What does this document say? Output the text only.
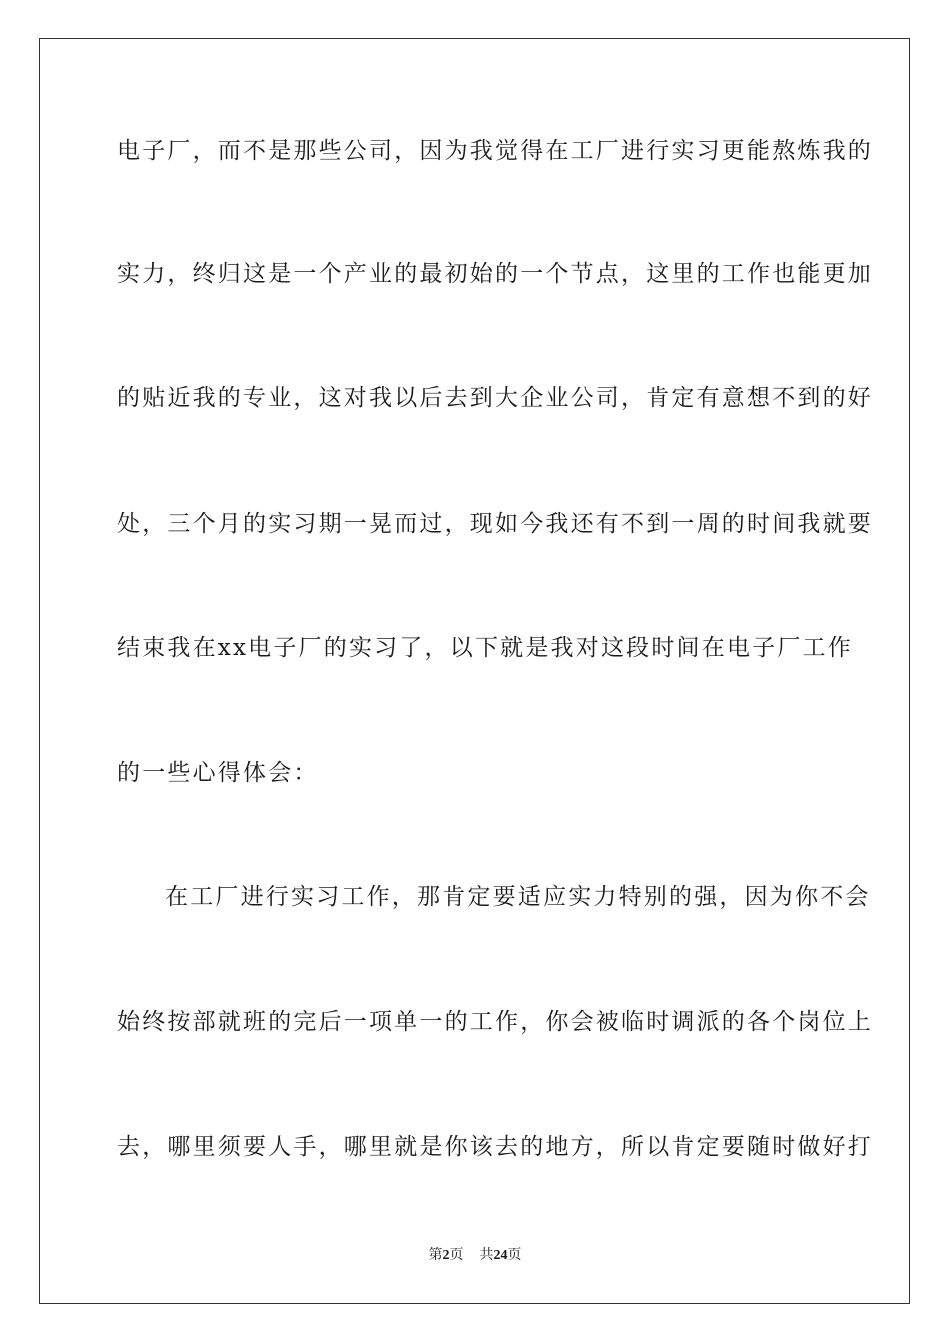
电子厂，而不是那些公司，因为我觉得在工厂进行实习更能熬炼我的
实力，终归这是一个产业的最初始的一个节点，这里的工作也能更加
的贴近我的专业，这对我以后去到大企业公司，肯定有意想不到的好
处，三个月的实习期一晃而过，现如今我还有不到一周的时间我就要
结束我在xx电子厂的实习了，以下就是我对这段时间在电子厂工作
的一些心得体会：
在工厂进行实习工作，那肯定要适应实力特别的强，因为你不会
始终按部就班的完后一项单一的工作，你会被临时调派的各个岗位上
去，哪里须要人手，哪里就是你该去的地方，所以肯定要随时做好打
第2页 共24页
